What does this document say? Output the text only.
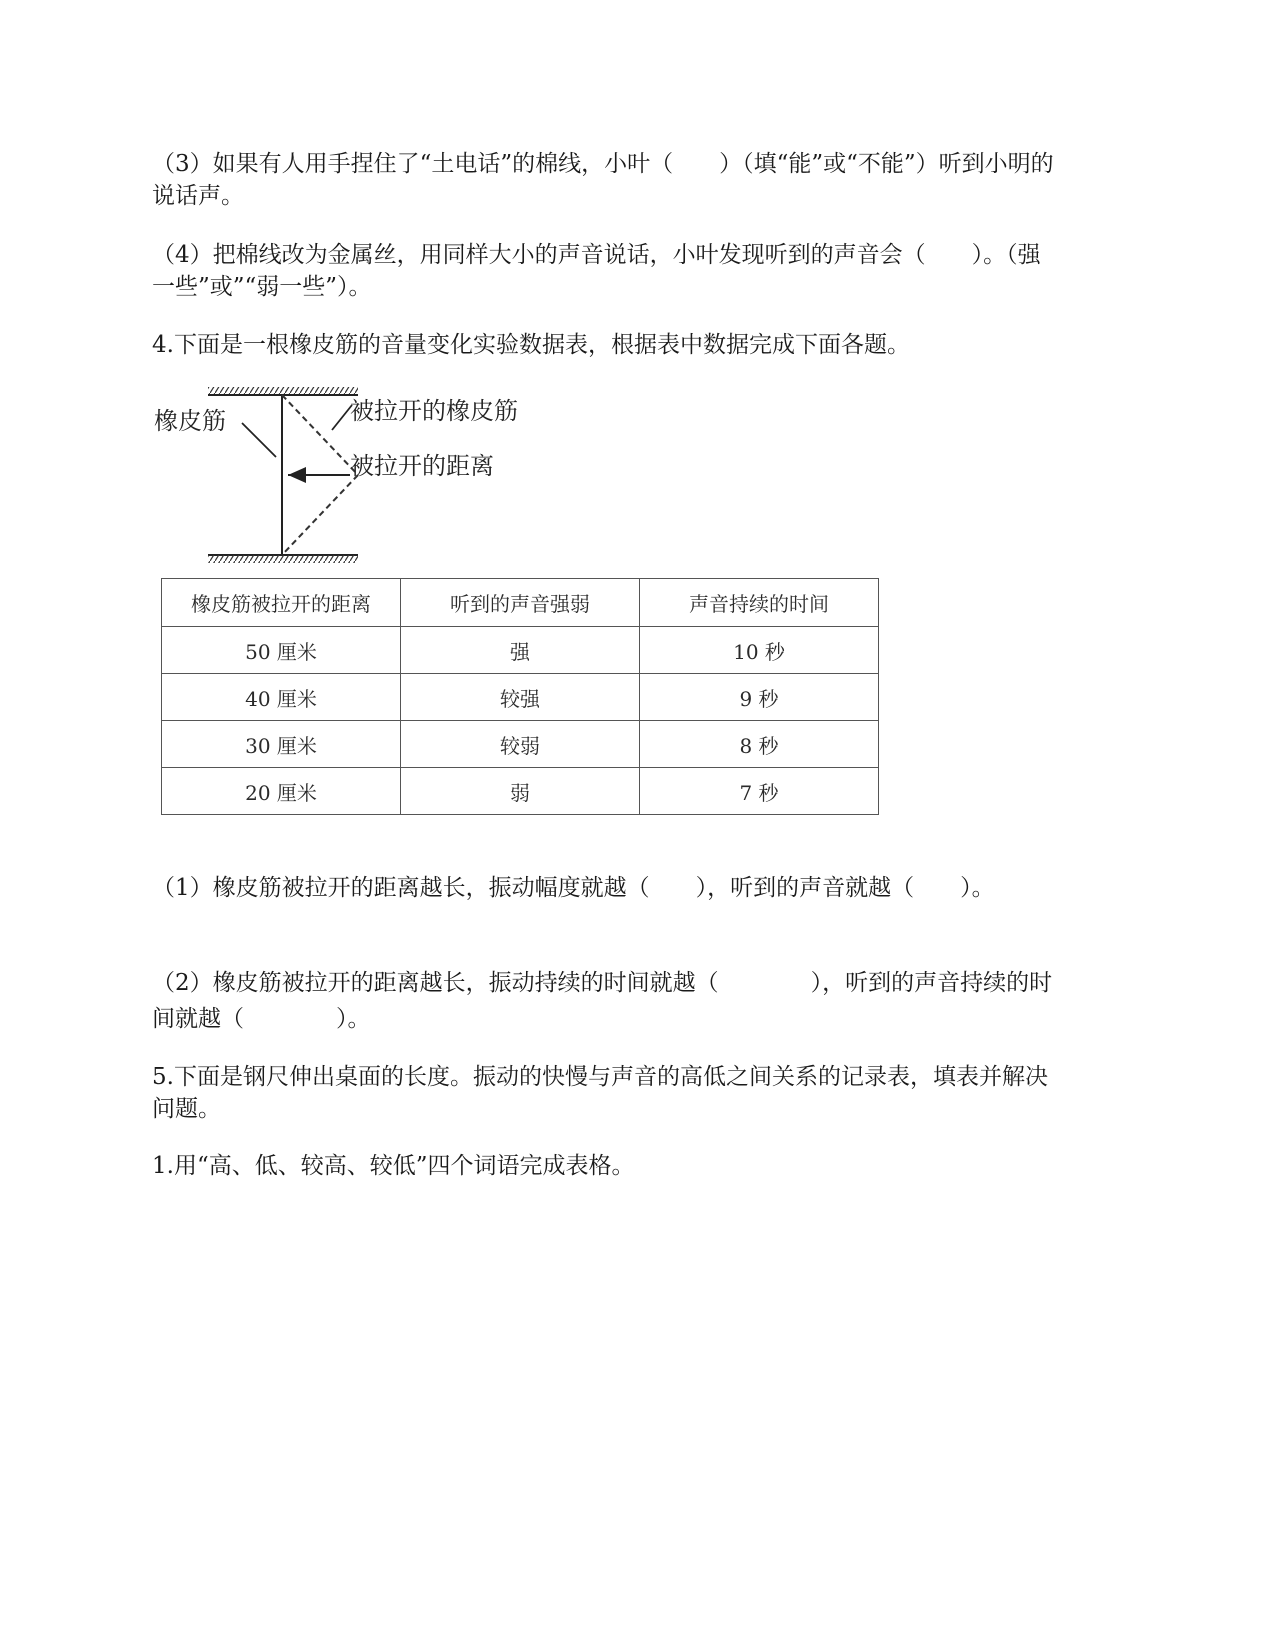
（3）如果有人用手捏住了“土电话”的棉线，小叶（　　）（填“能”或“不能”）听到小明的

说话声。

（4）把棉线改为金属丝，用同样大小的声音说话，小叶发现听到的声音会（　　）。（强

一些”或”“弱一些”）。

4.下面是一根橡皮筋的音量变化实验数据表，根据表中数据完成下面各题。

橡皮筋	被拉开的橡皮筋
被拉开的距离
橡皮筋被拉开的距离	听到的声音强弱	声音持续的时间
50 厘米	强	10 秒
40 厘米	较强	9 秒
30 厘米	较弱	8 秒
20 厘米	弱	7 秒

（1）橡皮筋被拉开的距离越长，振动幅度就越（　　），听到的声音就越（　　）。

（2）橡皮筋被拉开的距离越长，振动持续的时间就越（　　　　），听到的声音持续的时

间就越（　　　　）。

5.下面是钢尺伸出桌面的长度。振动的快慢与声音的高低之间关系的记录表，填表并解决

问题。

1.用“高、低、较高、较低”四个词语完成表格。
